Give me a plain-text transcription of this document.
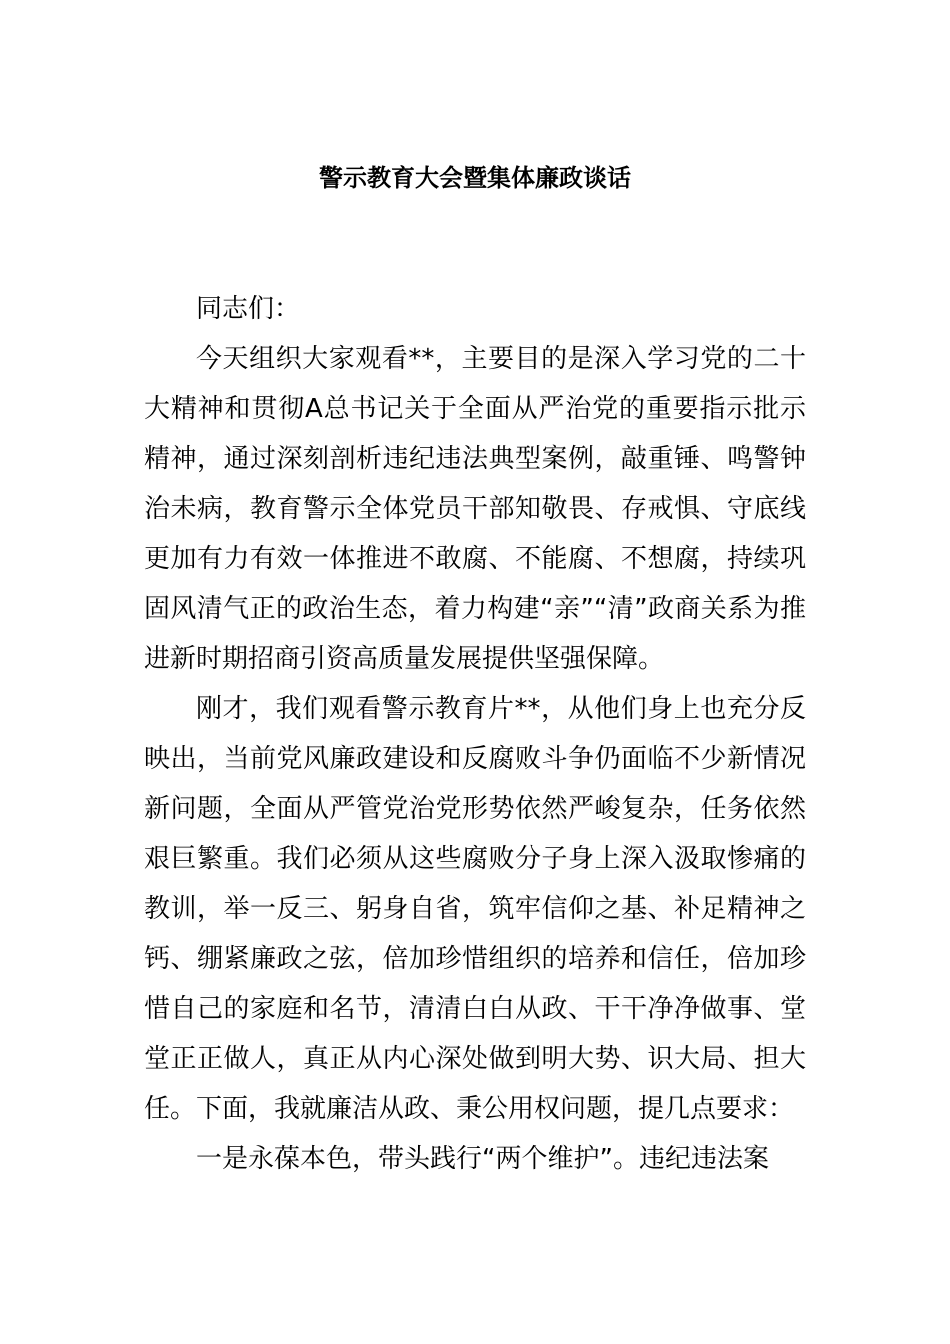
警示教育大会暨集体廉政谈话

同志们：

今天组织大家观看**，主要目的是深入学习党的二十大精神和贯彻A总书记关于全面从严治党的重要指示批示精神，通过深刻剖析违纪违法典型案例，敲重锤、鸣警钟治未病，教育警示全体党员干部知敬畏、存戒惧、守底线更加有力有效一体推进不敢腐、不能腐、不想腐，持续巩固风清气正的政治生态，着力构建“亲”“清”政商关系为推进新时期招商引资高质量发展提供坚强保障。

刚才，我们观看警示教育片**，从他们身上也充分反映出，当前党风廉政建设和反腐败斗争仍面临不少新情况新问题，全面从严管党治党形势依然严峻复杂，任务依然艰巨繁重。我们必须从这些腐败分子身上深入汲取惨痛的教训，举一反三、躬身自省，筑牢信仰之基、补足精神之钙、绷紧廉政之弦，倍加珍惜组织的培养和信任，倍加珍惜自己的家庭和名节，清清白白从政、干干净净做事、堂堂正正做人，真正从内心深处做到明大势、识大局、担大任。下面，我就廉洁从政、秉公用权问题，提几点要求：

一是永葆本色，带头践行“两个维护”。违纪违法案
